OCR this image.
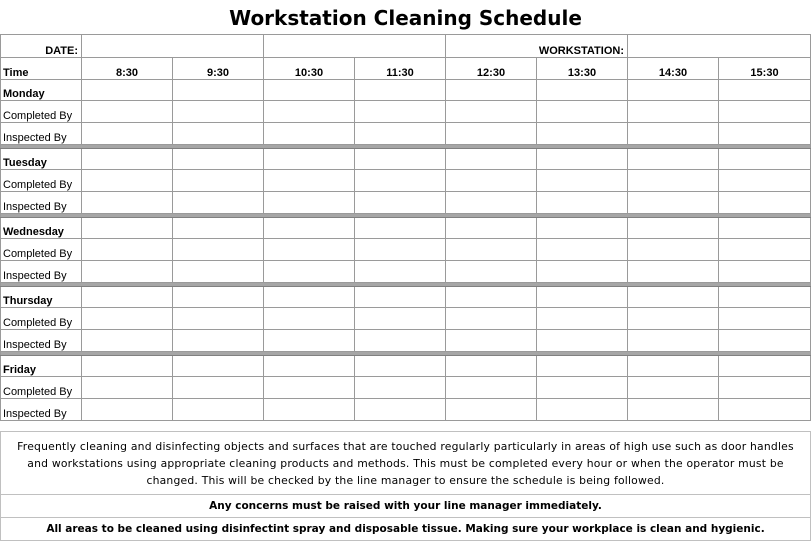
Workstation Cleaning Schedule
DATE:					WORKSTATION:			
Time	8:30	9:30	10:30	11:30	12:30	13:30	14:30	15:30
Monday								
Completed By								
Inspected By								

Tuesday								
Completed By								
Inspected By								

Wednesday								
Completed By								
Inspected By								

Thursday								
Completed By								
Inspected By								

Friday								
Completed By								
Inspected By								
Frequently cleaning and disinfecting objects and surfaces that are touched regularly particularly in areas of high use such as door handles and workstations using appropriate cleaning products and methods. This must be completed every hour or when the operator must be changed. This will be checked by the line manager to ensure the schedule is being followed.
Any concerns must be raised with your line manager immediately.
All areas to be cleaned using disinfectint spray and disposable tissue. Making sure your workplace is clean and hygienic.
